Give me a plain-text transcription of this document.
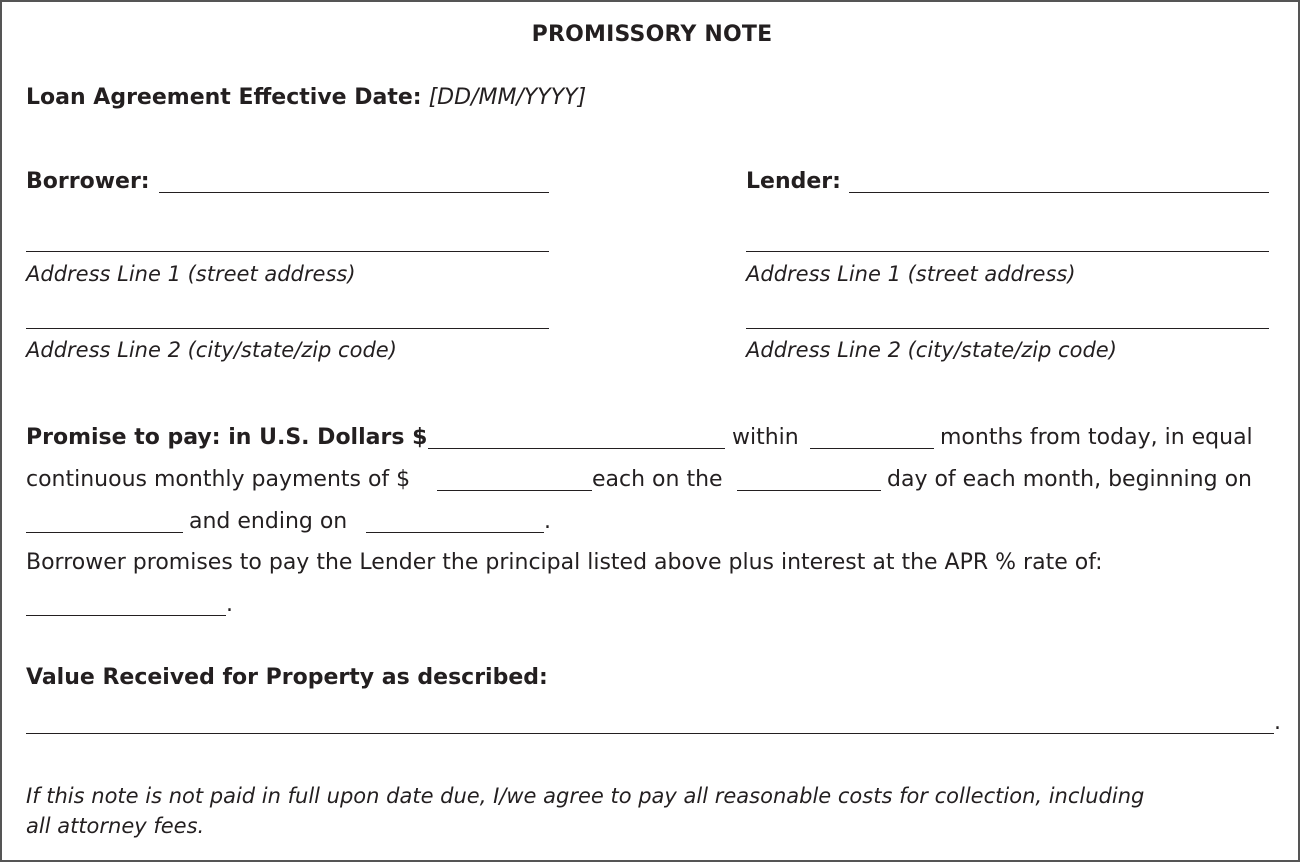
PROMISSORY NOTE
Loan Agreement Effective Date: [DD/MM/YYYY]
Borrower:
Address Line 1 (street address)
Address Line 2 (city/state/zip code)
Lender:
Address Line 1 (street address)
Address Line 2 (city/state/zip code)
Promise to pay: in U.S. Dollars $	within	months from today, in equal
continuous monthly payments of $	each on the	day of each month, beginning on
and ending on	.
Borrower promises to pay the Lender the principal listed above plus interest at the APR % rate of:
.
Value Received for Property as described:
.
If this note is not paid in full upon date due, I/we agree to pay all reasonable costs for collection, including
all attorney fees.
